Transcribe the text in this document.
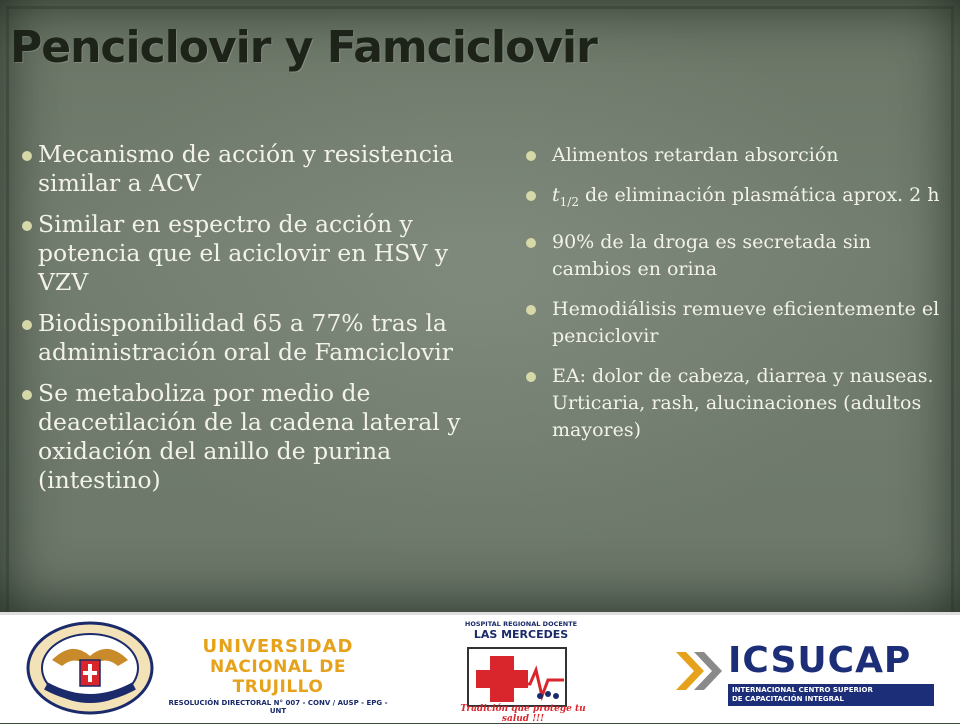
Penciclovir y Famciclovir
Mecanismo de acción y resistencia similar a ACV
Similar en espectro de acción y potencia que el aciclovir en HSV y VZV
Biodisponibilidad 65 a 77% tras la administración oral de Famciclovir
Se metaboliza por medio de deacetilación de la cadena lateral y oxidación del anillo de purina (intestino)
Alimentos retardan absorción
$t_{1/2}$ de eliminación plasmática aprox. 2 h
90% de la droga es secretada sin cambios en orina
Hemodiálisis remueve eficientemente el penciclovir
EA: dolor de cabeza, diarrea y nauseas. Urticaria, rash, alucinaciones (adultos mayores)
UNIVERSIDAD
NACIONAL DE TRUJILLO
RESOLUCIÓN DIRECTORAL N° 007 - CONV / AUSP - EPG - UNT
HOSPITAL REGIONAL DOCENTE
LAS MERCEDES
Tradición que protege tu salud !!!
ICSUCAP
INTERNACIONAL CENTRO SUPERIOR
DE CAPACITACIÓN INTEGRAL
